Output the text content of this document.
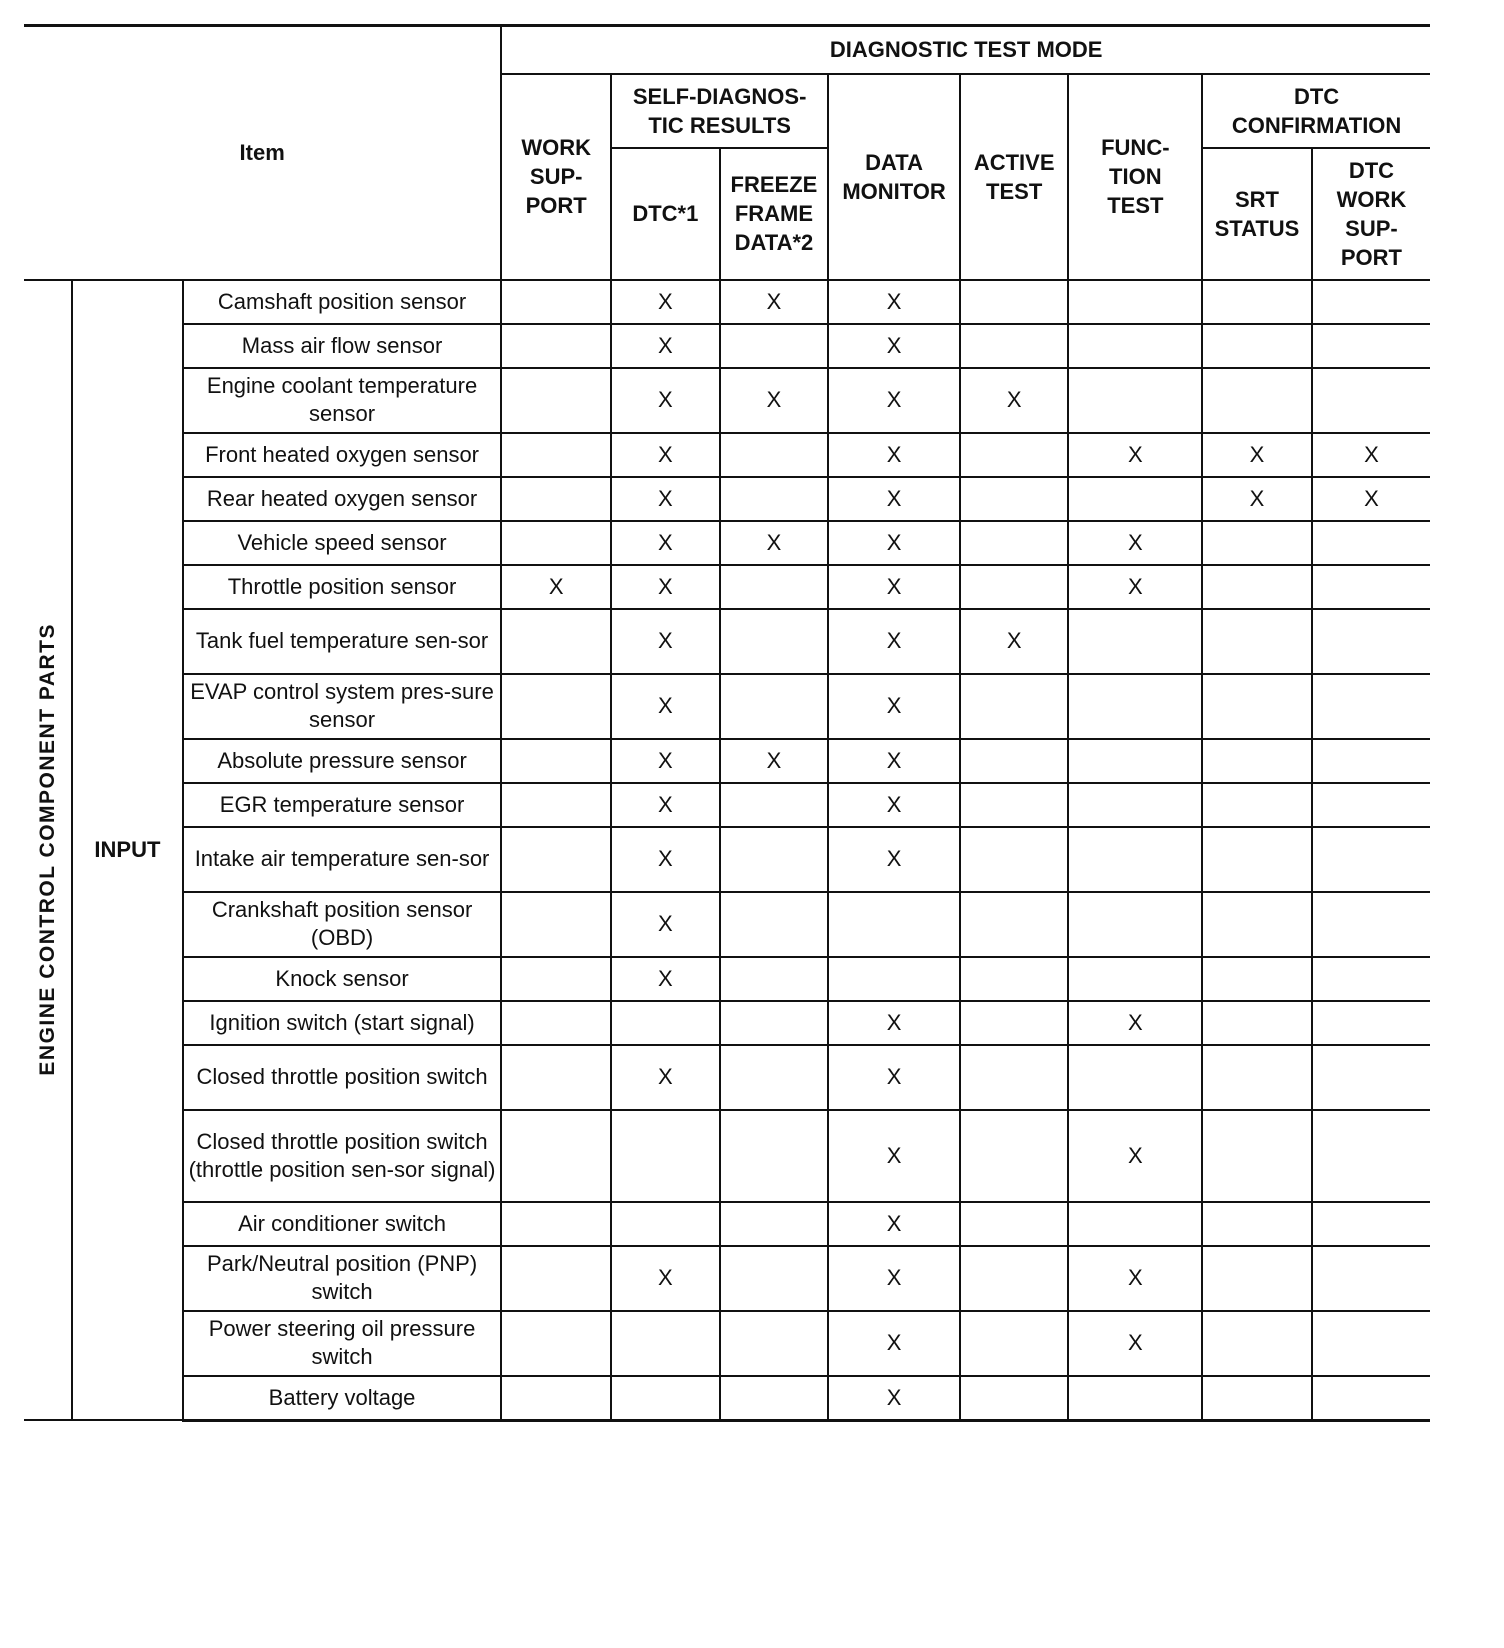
Item			DIAGNOSTIC TEST MODE							

			WORK SUP-PORT	SELF-DIAGNOS-TIC RESULTS		DATA MONITOR	ACTIVE TEST	FUNC-TION TEST	DTC CONFIRMATION	

				DTC*1	FREEZE FRAME DATA*2				SRT STATUS	DTC WORK SUP-PORT

ENGINE CONTROL COMPONENT PARTS	INPUT	Camshaft position sensor		X	X	X				
		Mass air flow sensor		X		X				
		Engine coolant temperature sensor		X	X	X	X			
		Front heated oxygen sensor		X		X		X	X	X
		Rear heated oxygen sensor		X		X			X	X
		Vehicle speed sensor		X	X	X		X		
		Throttle position sensor	X	X		X		X		
		Tank fuel temperature sen-sor		X		X	X			
		EVAP control system pres-sure sensor		X		X				
		Absolute pressure sensor		X	X	X				
		EGR temperature sensor		X		X				
		Intake air temperature sen-sor		X		X				
		Crankshaft position sensor (OBD)		X						
		Knock sensor		X						
		Ignition switch (start signal)				X		X		
		Closed throttle position switch		X		X				
		Closed throttle position switch (throttle position sen-sor signal)				X		X		
		Air conditioner switch				X				
		Park/Neutral position (PNP) switch		X		X		X		
		Power steering oil pressure switch				X		X		
		Battery voltage				X				
